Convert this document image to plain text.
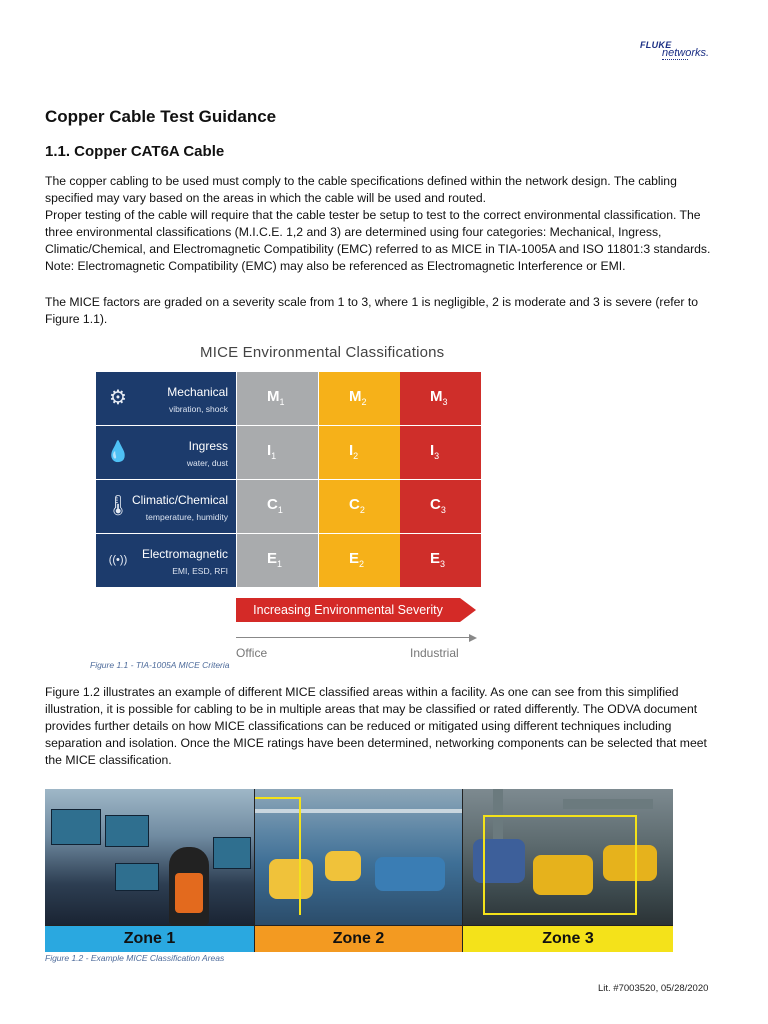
FLUKE
networks.
Copper Cable Test Guidance
1.1. Copper CAT6A Cable

The copper cabling to be used must comply to the cable specifications defined within the network design. The cabling specified may vary based on the areas in which the cable will be used and routed.
Proper testing of the cable will require that the cable tester be setup to test to the correct environmental classification. The three environmental classifications (M.I.C.E. 1,2 and 3) are determined using four categories: Mechanical, Ingress, Climatic/Chemical, and Electromagnetic Compatibility (EMC) referred to as MICE in TIA-1005A and ISO 11801:3 standards. Note: Electromagnetic Compatibility (EMC) may also be referenced as Electromagnetic Interference or EMI.

The MICE factors are graded on a severity scale from 1 to 3, where 1 is negligible, 2 is moderate and 3 is severe (refer to Figure 1.1).

MICE Environmental Classifications
⚙	Mechanical
vibration, shock
$M_1$	$M_2$	$M_3$
💧	Ingress
water, dust
$I_1$	$I_2$	$I_3$
🌡 Climatic/Chemical
temperature, humidity
$C_1$	$C_2$	$C_3$
((•))	Electromagnetic
EMI, ESD, RFI
$E_1$	$E_2$	$E_3$
Increasing Environmental Severity
Office	Industrial
Figure 1.1 - TIA-1005A MICE Criteria

Figure 1.2 illustrates an example of different MICE classified areas within a facility. As one can see from this simplified illustration, it is possible for cabling to be in multiple areas that may be classified or rated differently. The ODVA document provides further details on how MICE classifications can be reduced or mitigated using different techniques including separation and isolation. Once the MICE ratings have been determined, networking components can be selected that meet the MICE classification.

Zone 1	Zone 2	Zone 3
Figure 1.2 - Example MICE Classification Areas
Lit. #7003520, 05/28/2020
